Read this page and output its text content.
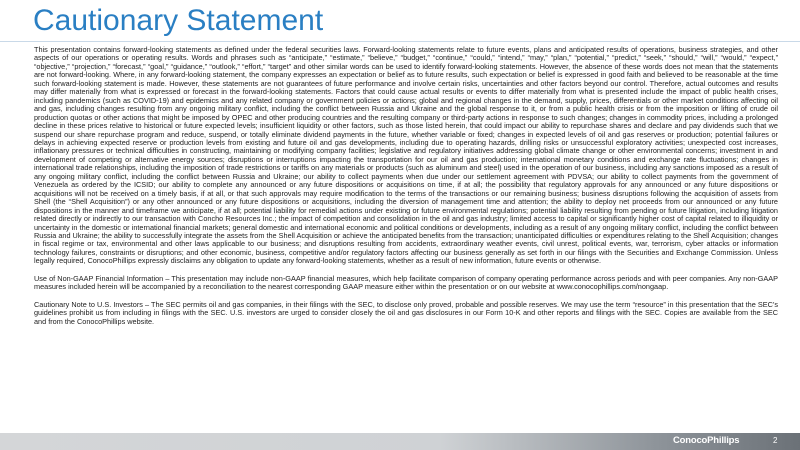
Cautionary Statement

This presentation contains forward-looking statements as defined under the federal securities laws. Forward-looking statements relate to future events, plans and anticipated results of operations, business strategies, and other aspects of our operations or operating results. Words and phrases such as “anticipate,” “estimate,” “believe,” “budget,” “continue,” “could,” “intend,” “may,” “plan,” “potential,” “predict,” “seek,” “should,” “will,” “would,” “expect,” “objective,” “projection,” “forecast,” “goal,” “guidance,” “outlook,” “effort,” “target” and other similar words can be used to identify forward-looking statements. However, the absence of these words does not mean that the statements are not forward-looking. Where, in any forward-looking statement, the company expresses an expectation or belief as to future results, such expectation or belief is expressed in good faith and believed to be reasonable at the time such forward-looking statement is made. However, these statements are not guarantees of future performance and involve certain risks, uncertainties and other factors beyond our control. Therefore, actual outcomes and results may differ materially from what is expressed or forecast in the forward-looking statements. Factors that could cause actual results or events to differ materially from what is presented include the impact of public health crises, including pandemics (such as COVID-19) and epidemics and any related company or government policies or actions; global and regional changes in the demand, supply, prices, differentials or other market conditions affecting oil and gas, including changes resulting from any ongoing military conflict, including the conflict between Russia and Ukraine and the global response to it, or from a public health crisis or from the imposition or lifting of crude oil production quotas or other actions that might be imposed by OPEC and other producing countries and the resulting company or third-party actions in response to such changes; changes in commodity prices, including a prolonged decline in these prices relative to historical or future expected levels; insufficient liquidity or other factors, such as those listed herein, that could impact our ability to repurchase shares and declare and pay dividends such that we suspend our share repurchase program and reduce, suspend, or totally eliminate dividend payments in the future, whether variable or fixed; changes in expected levels of oil and gas reserves or production; potential failures or delays in achieving expected reserve or production levels from existing and future oil and gas developments, including due to operating hazards, drilling risks or unsuccessful exploratory activities; unexpected cost increases, inflationary pressures or technical difficulties in constructing, maintaining or modifying company facilities; legislative and regulatory initiatives addressing global climate change or other environmental concerns; investment in and development of competing or alternative energy sources; disruptions or interruptions impacting the transportation for our oil and gas production; international monetary conditions and exchange rate fluctuations; changes in international trade relationships, including the imposition of trade restrictions or tariffs on any materials or products (such as aluminum and steel) used in the operation of our business, including any sanctions imposed as a result of any ongoing military conflict, including the conflict between Russia and Ukraine; our ability to collect payments when due under our settlement agreement with PDVSA; our ability to collect payments from the government of Venezuela as ordered by the ICSID; our ability to complete any announced or any future dispositions or acquisitions on time, if at all; the possibility that regulatory approvals for any announced or any future dispositions or acquisitions will not be received on a timely basis, if at all, or that such approvals may require modification to the terms of the transactions or our remaining business; business disruptions following the acquisition of assets from Shell (the “Shell Acquisition”) or any other announced or any future dispositions or acquisitions, including the diversion of management time and attention; the ability to deploy net proceeds from our announced or any future dispositions in the manner and timeframe we anticipate, if at all; potential liability for remedial actions under existing or future environmental regulations; potential liability resulting from pending or future litigation, including litigation related directly or indirectly to our transaction with Concho Resources Inc.; the impact of competition and consolidation in the oil and gas industry; limited access to capital or significantly higher cost of capital related to illiquidity or uncertainty in the domestic or international financial markets; general domestic and international economic and political conditions or developments, including as a result of any ongoing military conflict, including the conflict between Russia and Ukraine; the ability to successfully integrate the assets from the Shell Acquisition or achieve the anticipated benefits from the transaction; unanticipated difficulties or expenditures relating to the Shell Acquisition; changes in fiscal regime or tax, environmental and other laws applicable to our business; and disruptions resulting from accidents, extraordinary weather events, civil unrest, political events, war, terrorism, cyber attacks or information technology failures, constraints or disruptions; and other economic, business, competitive and/or regulatory factors affecting our business generally as set forth in our filings with the Securities and Exchange Commission. Unless legally required, ConocoPhillips expressly disclaims any obligation to update any forward-looking statements, whether as a result of new information, future events or otherwise.

Use of Non-GAAP Financial Information – This presentation may include non-GAAP financial measures, which help facilitate comparison of company operating performance across periods and with peer companies. Any non-GAAP measures included herein will be accompanied by a reconciliation to the nearest corresponding GAAP measure either within the presentation or on our website at www.conocophillips.com/nongaap.

Cautionary Note to U.S. Investors – The SEC permits oil and gas companies, in their filings with the SEC, to disclose only proved, probable and possible reserves. We may use the term “resource” in this presentation that the SEC’s guidelines prohibit us from including in filings with the SEC. U.S. investors are urged to consider closely the oil and gas disclosures in our Form 10-K and other reports and filings with the SEC. Copies are available from the SEC and from the ConocoPhillips website.

ConocoPhillips	2
